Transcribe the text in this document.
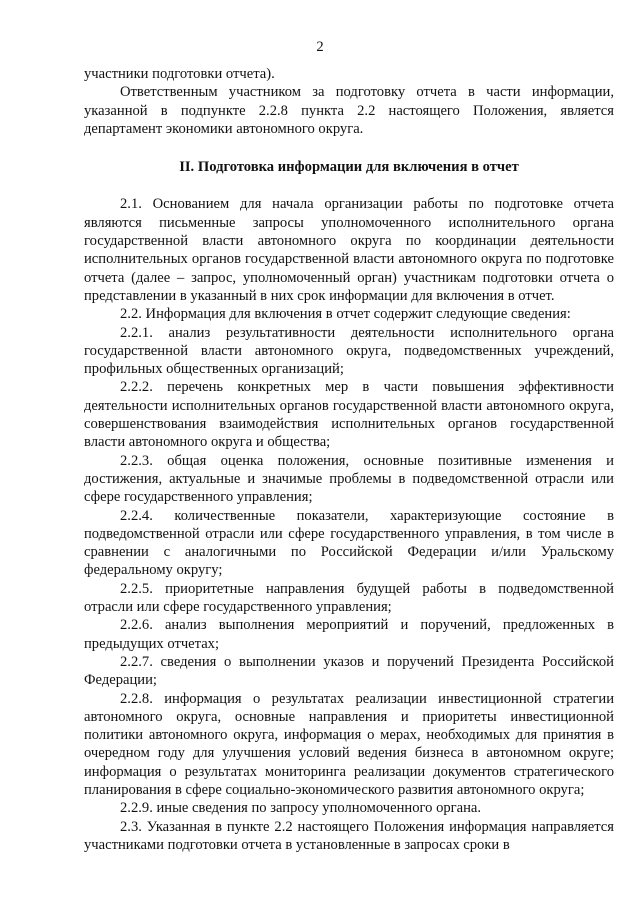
2

участники подготовки отчета).

Ответственным участником за подготовку отчета в части информации, указанной в подпункте 2.2.8 пункта 2.2 настоящего Положения, является департамент экономики автономного округа.

II. Подготовка информации для включения в отчет

2.1. Основанием для начала организации работы по подготовке отчета являются письменные запросы уполномоченного исполнительного органа государственной власти автономного округа по координации деятельности исполнительных органов государственной власти автономного округа по подготовке отчета (далее – запрос, уполномоченный орган) участникам подготовки отчета о представлении в указанный в них срок информации для включения в отчет.

2.2. Информация для включения в отчет содержит следующие сведения:

2.2.1. анализ результативности деятельности исполнительного органа государственной власти автономного округа, подведомственных учреждений, профильных общественных организаций;

2.2.2. перечень конкретных мер в части повышения эффективности деятельности исполнительных органов государственной власти автономного округа, совершенствования взаимодействия исполнительных органов государственной власти автономного округа и общества;

2.2.3. общая оценка положения, основные позитивные изменения и достижения, актуальные и значимые проблемы в подведомственной отрасли или сфере государственного управления;

2.2.4. количественные показатели, характеризующие состояние в подведомственной отрасли или сфере государственного управления, в том числе в сравнении с аналогичными по Российской Федерации и/или Уральскому федеральному округу;

2.2.5. приоритетные направления будущей работы в подведомственной отрасли или сфере государственного управления;

2.2.6. анализ выполнения мероприятий и поручений, предложенных в предыдущих отчетах;

2.2.7. сведения о выполнении указов и поручений Президента Российской Федерации;

2.2.8. информация о результатах реализации инвестиционной стратегии автономного округа, основные направления и приоритеты инвестиционной политики автономного округа, информация о мерах, необходимых для принятия в очередном году для улучшения условий ведения бизнеса в автономном округе; информация о результатах мониторинга реализации документов стратегического планирования в сфере социально-экономического развития автономного округа;

2.2.9. иные сведения по запросу уполномоченного органа.

2.3. Указанная в пункте 2.2 настоящего Положения информация направляется участниками подготовки отчета в установленные в запросах сроки в
